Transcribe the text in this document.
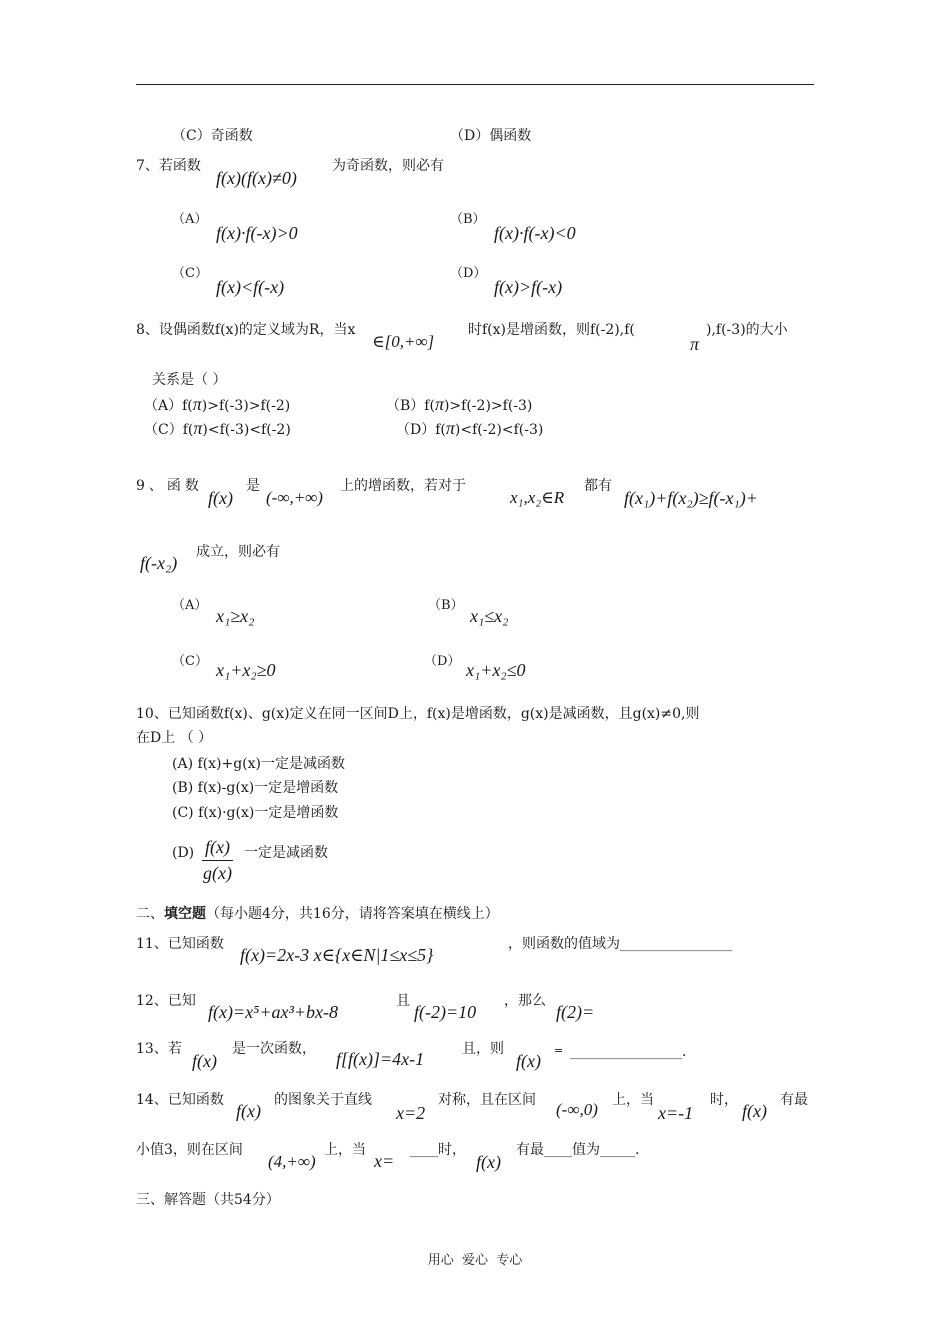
（C）奇函数	（D）偶函数
7、若函数
f(x)(f(x)≠0)
为奇函数，则必有
（A）
f(x)·f(-x)>0
（B）
f(x)·f(-x)<0
（C）
f(x)<f(-x)
（D）
f(x)>f(-x)
8、设偶函数f(x)的定义域为R，当x
∈[0,+∞]
时f(x)是增函数，则f(-2),f(
π
),f(-3)的大小
关系是（ ）
（A）f(π)>f(-3)>f(-2)	（B）f(π)>f(-2)>f(-3)
（C）f(π)<f(-3)<f(-2)	（D）f(π)<f(-2)<f(-3)
9、函数
f(x)
是
(-∞,+∞)
上的增函数，若对于
x₁,x₂∈R
都有
f(x₁)+f(x₂)≥f(-x₁)+
f(-x₂)
成立，则必有
（A）
x₁≥x₂
（B）
x₁≤x₂
（C） x₁+x₂≥0	（D） x₁+x₂≤0
10、已知函数f(x)、g(x)定义在同一区间D上，f(x)是增函数，g(x)是减函数，且g(x)≠0,则
在D上 （ ）
(A) f(x)+g(x)一定是减函数
(B) f(x)-g(x)一定是增函数
(C) f(x)·g(x)一定是增函数
$(D) \frac{f(x)}{g(x)}$ 一定是减函数
二、填空题（每小题4分，共16分，请将答案填在横线上）
11、已知函数
f(x)=2x-3 x∈{x∈N|1≤x≤5}
，则函数的值域为________________
12、已知
f(x)=x⁵+ax³+bx-8
且
f(-2)=10
，那么
f(2)=
13、若
f(x)
是一次函数， f[f(x)]=4x-1	且，则
f(x)
= ________________.
14、已知函数
f(x)
的图象关于直线
x=2
对称，且在区间 (-∞,0) 上，当
x=-1
时，
f(x)
有最
小值3，则在区间
(4,+∞)
上，当
x=
____时，
f(x)
有最____值为_____.
三、解答题（共54分）
用心  爱心  专心
